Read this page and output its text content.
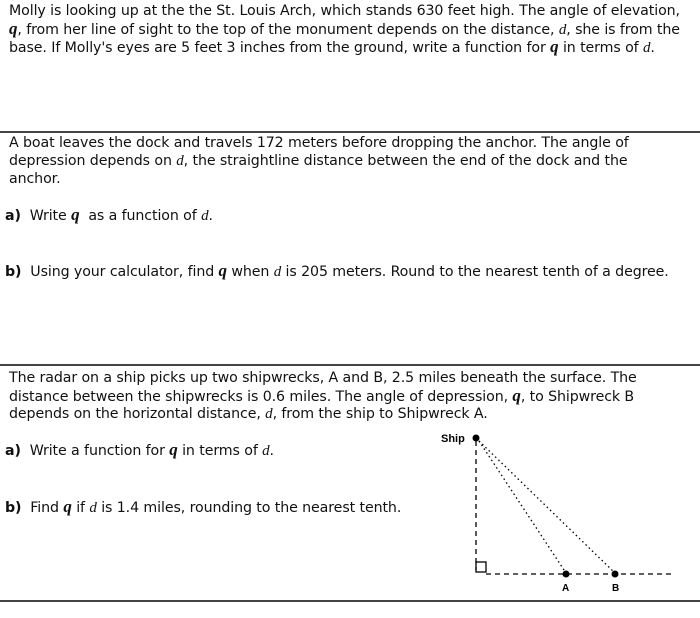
Molly is looking up at the the St. Louis Arch, which stands 630 feet high. The angle of elevation,
q, from her line of sight to the top of the monument depends on the distance, d, she is from the
base. If Molly's eyes are 5 feet 3 inches from the ground, write a function for q in terms of d.
A boat leaves the dock and travels 172 meters before dropping the anchor. The angle of
depression depends on d, the straightline distance between the end of the dock and the
anchor.
a) Write q as a function of d.
b) Using your calculator, find q when d is 205 meters. Round to the nearest tenth of a degree.
The radar on a ship picks up two shipwrecks, A and B, 2.5 miles beneath the surface. The
distance between the shipwrecks is 0.6 miles. The angle of depression, q, to Shipwreck B
depends on the horizontal distance, d, from the ship to Shipwreck A.
a) Write a function for q in terms of d.
b) Find q if d is 1.4 miles, rounding to the nearest tenth.
Ship
A	B
